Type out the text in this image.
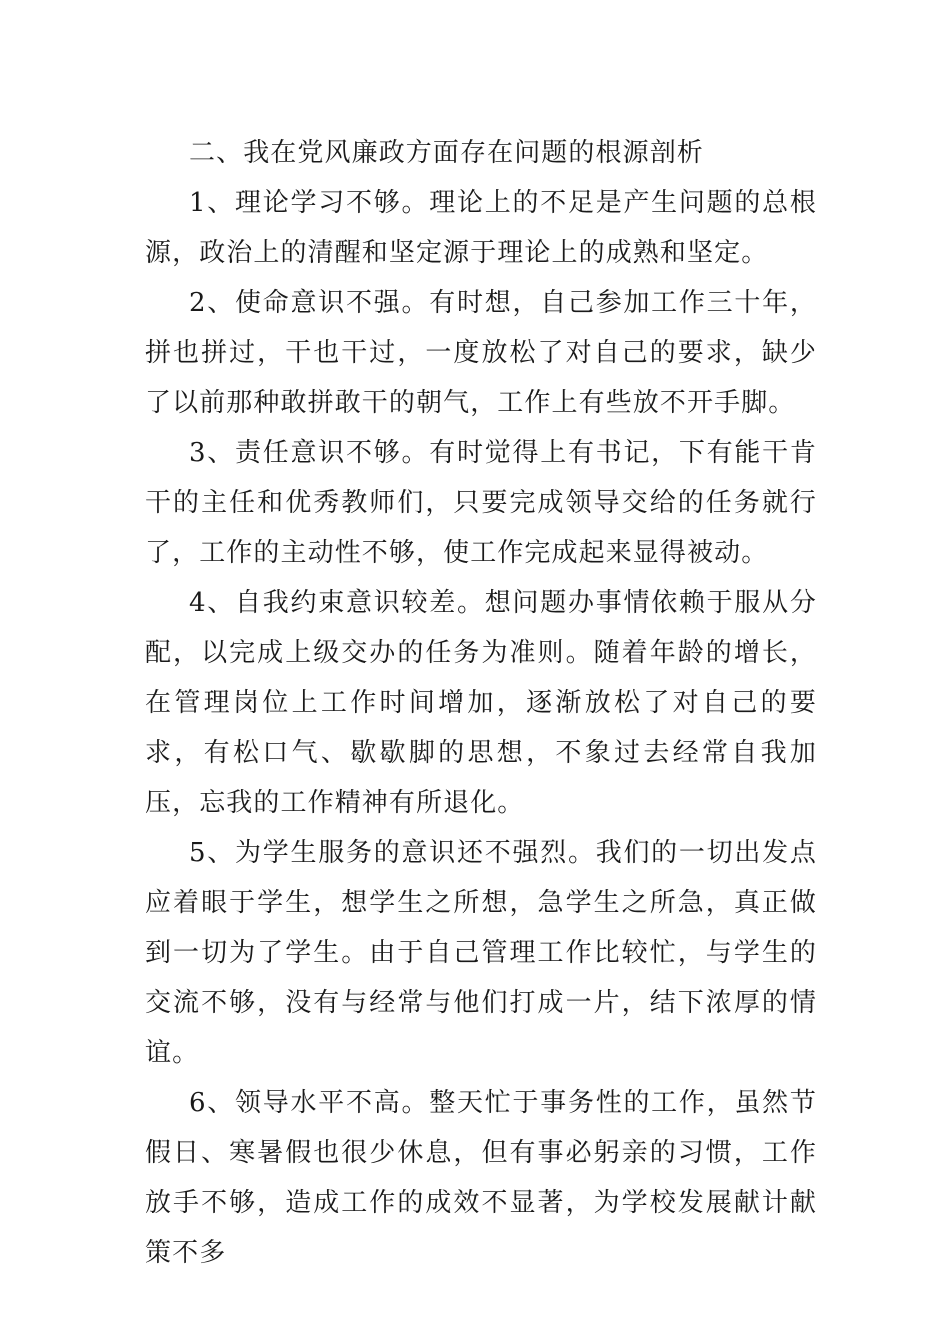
二、我在党风廉政方面存在问题的根源剖析

1、理论学习不够。理论上的不足是产生问题的总根源，政治上的清醒和坚定源于理论上的成熟和坚定。

2、使命意识不强。有时想，自己参加工作三十年，拼也拼过，干也干过，一度放松了对自己的要求，缺少了以前那种敢拼敢干的朝气，工作上有些放不开手脚。

3、责任意识不够。有时觉得上有书记，下有能干肯干的主任和优秀教师们，只要完成领导交给的任务就行了，工作的主动性不够，使工作完成起来显得被动。

4、自我约束意识较差。想问题办事情依赖于服从分配，以完成上级交办的任务为准则。随着年龄的增长，在管理岗位上工作时间增加，逐渐放松了对自己的要求，有松口气、歇歇脚的思想，不象过去经常自我加压，忘我的工作精神有所退化。

5、为学生服务的意识还不强烈。我们的一切出发点应着眼于学生，想学生之所想，急学生之所急，真正做到一切为了学生。由于自己管理工作比较忙，与学生的交流不够，没有与经常与他们打成一片，结下浓厚的情谊。

6、领导水平不高。整天忙于事务性的工作，虽然节假日、寒暑假也很少休息，但有事必躬亲的习惯，工作放手不够，造成工作的成效不显著，为学校发展献计献策不多
